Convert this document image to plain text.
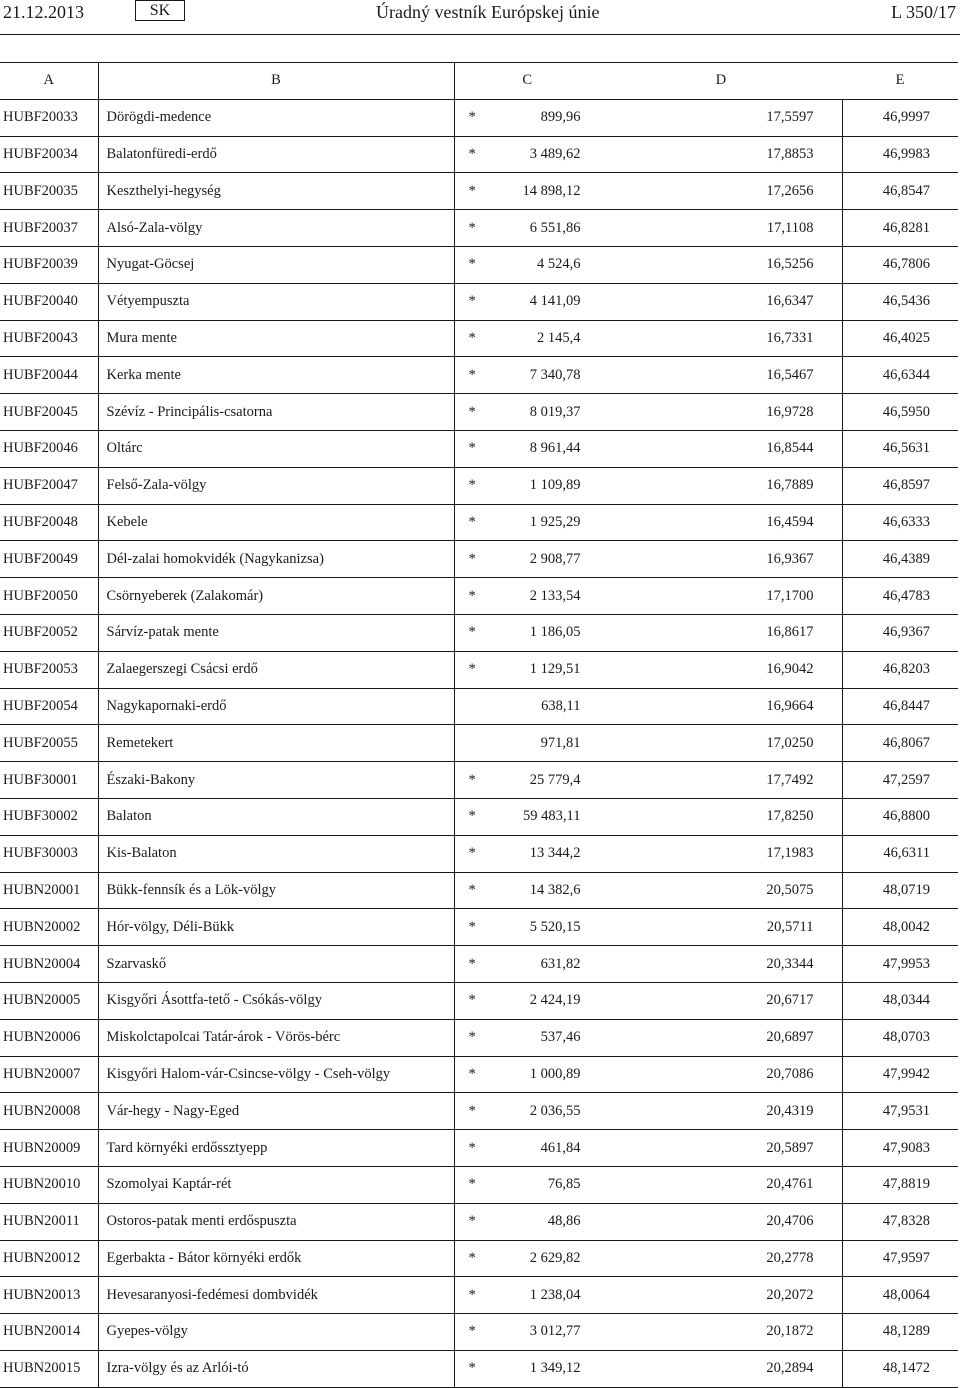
21.12.2013	SK	Úradný vestník Európskej únie	L 350/17
A	B	C	D	E
HUBF20033	Dörögdi-medence	* 899,96	17,5597	46,9997
HUBF20034	Balatonfüredi-erdő	* 3 489,62	17,8853	46,9983
HUBF20035	Keszthelyi-hegység	* 14 898,12	17,2656	46,8547
HUBF20037	Alsó-Zala-völgy	* 6 551,86	17,1108	46,8281
HUBF20039	Nyugat-Göcsej	* 4 524,6	16,5256	46,7806
HUBF20040	Vétyempuszta	* 4 141,09	16,6347	46,5436
HUBF20043	Mura mente	* 2 145,4	16,7331	46,4025
HUBF20044	Kerka mente	* 7 340,78	16,5467	46,6344
HUBF20045	Szévíz - Principális-csatorna	* 8 019,37	16,9728	46,5950
HUBF20046	Oltárc	* 8 961,44	16,8544	46,5631
HUBF20047	Felső-Zala-völgy	* 1 109,89	16,7889	46,8597
HUBF20048	Kebele	* 1 925,29	16,4594	46,6333
HUBF20049	Dél-zalai homokvidék (Nagykanizsa)	* 2 908,77	16,9367	46,4389
HUBF20050	Csörnyeberek (Zalakomár)	* 2 133,54	17,1700	46,4783
HUBF20052	Sárvíz-patak mente	* 1 186,05	16,8617	46,9367
HUBF20053	Zalaegerszegi Csácsi erdő	* 1 129,51	16,9042	46,8203
HUBF20054	Nagykapornaki-erdő	638,11	16,9664	46,8447
HUBF20055	Remetekert	971,81	17,0250	46,8067
HUBF30001	Északi-Bakony	* 25 779,4	17,7492	47,2597
HUBF30002	Balaton	* 59 483,11	17,8250	46,8800
HUBF30003	Kis-Balaton	* 13 344,2	17,1983	46,6311
HUBN20001	Bükk-fennsík és a Lök-völgy	* 14 382,6	20,5075	48,0719
HUBN20002	Hór-völgy, Déli-Bükk	* 5 520,15	20,5711	48,0042
HUBN20004	Szarvaskő	* 631,82	20,3344	47,9953
HUBN20005	Kisgyőri Ásottfa-tető - Csókás-völgy	* 2 424,19	20,6717	48,0344
HUBN20006	Miskolctapolcai Tatár-árok - Vörös-bérc	* 537,46	20,6897	48,0703
HUBN20007	Kisgyőri Halom-vár-Csincse-völgy - Cseh-völgy	* 1 000,89	20,7086	47,9942
HUBN20008	Vár-hegy - Nagy-Eged	* 2 036,55	20,4319	47,9531
HUBN20009	Tard környéki erdőssztyepp	* 461,84	20,5897	47,9083
HUBN20010	Szomolyai Kaptár-rét	* 76,85	20,4761	47,8819
HUBN20011	Ostoros-patak menti erdőspuszta	* 48,86	20,4706	47,8328
HUBN20012	Egerbakta - Bátor környéki erdők	* 2 629,82	20,2778	47,9597
HUBN20013	Hevesaranyosi-fedémesi dombvidék	* 1 238,04	20,2072	48,0064
HUBN20014	Gyepes-völgy	* 3 012,77	20,1872	48,1289
HUBN20015	Izra-völgy és az Arlói-tó	* 1 349,12	20,2894	48,1472
